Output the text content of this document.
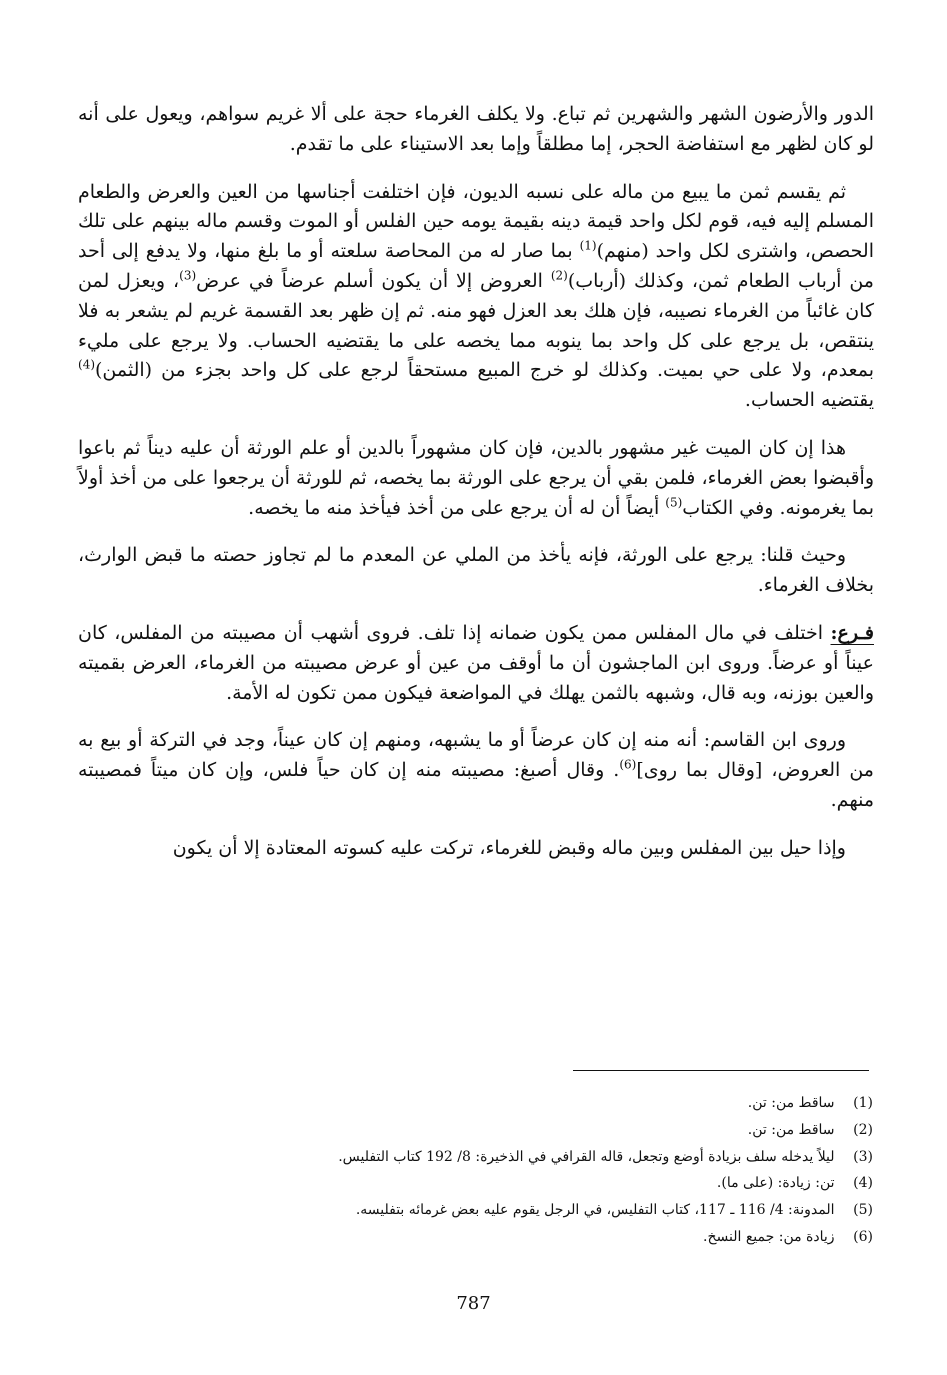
الدور والأرضون الشهر والشهرين ثم تباع. ولا يكلف الغرماء حجة على ألا غريم سواهم، ويعول على أنه لو كان لظهر مع استفاضة الحجر، إما مطلقاً وإما بعد الاستيناء على ما تقدم.

ثم يقسم ثمن ما يبيع من ماله على نسبه الديون، فإن اختلفت أجناسها من العين والعرض والطعام المسلم إليه فيه، قوم لكل واحد قيمة دينه بقيمة يومه حين الفلس أو الموت وقسم ماله بينهم على تلك الحصص، واشترى لكل واحد (منهم)$^{(1)}$ بما صار له من المحاصة سلعته أو ما بلغ منها، ولا يدفع إلى أحد من أرباب الطعام ثمن، وكذلك (أرباب)$^{(2)}$ العروض إلا أن يكون أسلم عرضاً في عرض$^{(3)}$، ويعزل لمن كان غائباً من الغرماء نصيبه، فإن هلك بعد العزل فهو منه. ثم إن ظهر بعد القسمة غريم لم يشعر به فلا ينتقص، بل يرجع على كل واحد بما ينوبه مما يخصه على ما يقتضيه الحساب. ولا يرجع على مليء بمعدم، ولا على حي بميت. وكذلك لو خرج المبيع مستحقاً لرجع على كل واحد بجزء من (الثمن)$^{(4)}$ يقتضيه الحساب.

هذا إن كان الميت غير مشهور بالدين، فإن كان مشهوراً بالدين أو علم الورثة أن عليه ديناً ثم باعوا وأقبضوا بعض الغرماء، فلمن بقي أن يرجع على الورثة بما يخصه، ثم للورثة أن يرجعوا على من أخذ أولاً بما يغرمونه. وفي الكتاب$^{(5)}$ أيضاً أن له أن يرجع على من أخذ فيأخذ منه ما يخصه.

وحيث قلنا: يرجع على الورثة، فإنه يأخذ من الملي عن المعدم ما لم تجاوز حصته ما قبض الوارث، بخلاف الغرماء.

فـرع: اختلف في مال المفلس ممن يكون ضمانه إذا تلف. فروى أشهب أن مصيبته من المفلس، كان عيناً أو عرضاً. وروى ابن الماجشون أن ما أوقف من عين أو عرض مصيبته من الغرماء، العرض بقميته والعين بوزنه، وبه قال، وشبهه بالثمن يهلك في المواضعة فيكون ممن تكون له الأمة.

وروى ابن القاسم: أنه منه إن كان عرضاً أو ما يشبهه، ومنهم إن كان عيناً، وجد في التركة أو بيع به من العروض، [وقال بما روى]$^{(6)}$. وقال أصبغ: مصيبته منه إن كان حياً فلس، وإن كان ميتاً فمصيبته منهم.

وإذا حيل بين المفلس وبين ماله وقبض للغرماء، تركت عليه كسوته المعتادة إلا أن يكون

(1) ساقط من: تن.
(2) ساقط من: تن.
(3) ليلاً يدخله سلف بزيادة أوضع وتجعل، قاله القرافي في الذخيرة: 8/ 192 كتاب التفليس.
(4) تن: زيادة: (على ما).
(5) المدونة: 4/ 116 ـ 117، كتاب التفليس، في الرجل يقوم عليه بعض غرمائه بتفليسه.
(6) زيادة من: جميع النسخ.
787
